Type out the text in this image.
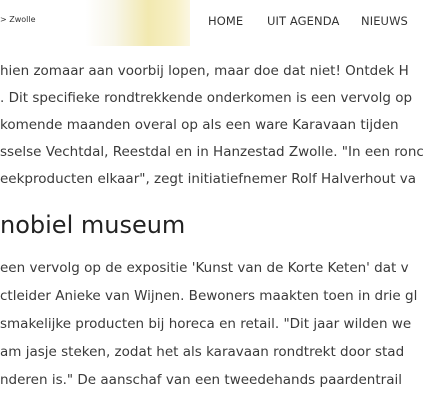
> Zwolle	HOME UIT AGENDA NIEUWS
hien zomaar aan voorbij lopen, maar doe dat niet! Ontdek H
. Dit specifieke rondtrekkende onderkomen is een vervolg op
komende maanden overal op als een ware Karavaan tijden
sselse Vechtdal, Reestdal en in Hanzestad Zwolle. "In een ronc
eekproducten elkaar", zegt initiatiefnemer Rolf Halverhout va
nobiel museum
een vervolg op de expositie 'Kunst van de Korte Keten' dat v
ctleider Anieke van Wijnen. Bewoners maakten toen in drie gl
smakelijke producten bij horeca en retail. "Dit jaar wilden we
am jasje steken, zodat het als karavaan rondtrekt door stad
nderen is." De aanschaf van een tweedehands paardentrail
